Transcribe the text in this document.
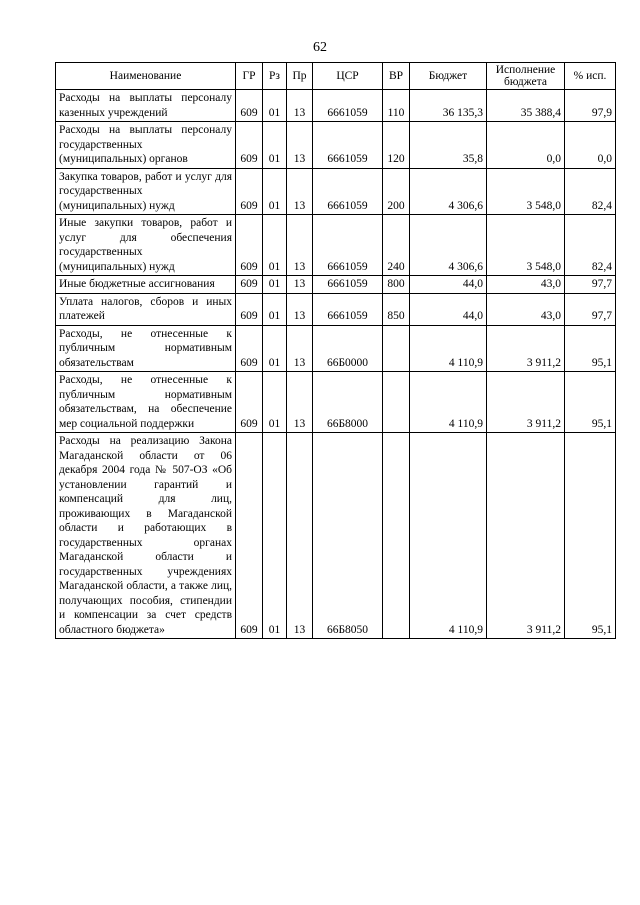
62
Наименование	ГР	Рз	Пр	ЦСР	ВР	Бюджет	Исполнение бюджета	% исп.
Расходы на выплаты персоналу казенных учреждений	609	01	13	6661059	110	36 135,3	35 388,4	97,9
Расходы на выплаты персоналу государственных (муниципальных) органов	609	01	13	6661059	120	35,8	0,0	0,0
Закупка товаров, работ и услуг для государственных (муниципальных) нужд	609	01	13	6661059	200	4 306,6	3 548,0	82,4
Иные закупки товаров, работ и услуг для обеспечения государственных (муниципальных) нужд	609	01	13	6661059	240	4 306,6	3 548,0	82,4
Иные бюджетные ассигнования	609	01	13	6661059	800	44,0	43,0	97,7
Уплата налогов, сборов и иных платежей	609	01	13	6661059	850	44,0	43,0	97,7
Расходы, не отнесенные к публичным нормативным обязательствам	609	01	13	66Б0000		4 110,9	3 911,2	95,1
Расходы, не отнесенные к публичным нормативным обязательствам, на обеспечение мер социальной поддержки	609	01	13	66Б8000		4 110,9	3 911,2	95,1
Расходы на реализацию Закона Магаданской области от 06 декабря 2004 года № 507-ОЗ «Об установлении гарантий и компенсаций для лиц, проживающих в Магаданской области и работающих в государственных органах Магаданской области и государственных учреждениях Магаданской области, а также лиц, получающих пособия, стипендии и компенсации за счет средств областного бюджета»	609	01	13	66Б8050		4 110,9	3 911,2	95,1
